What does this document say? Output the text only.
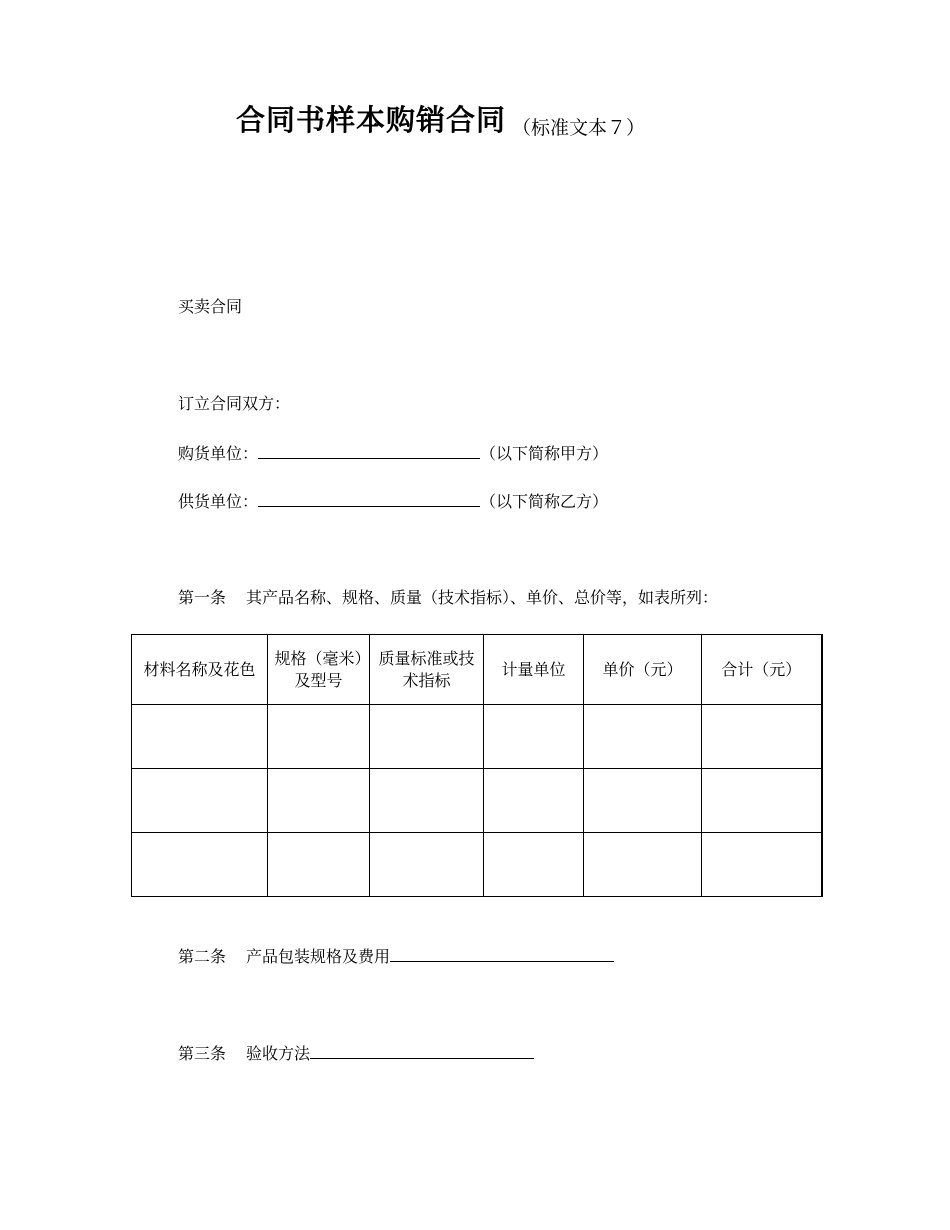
合同书样本购销合同 （标准文本７）
买卖合同
订立合同双方：
购货单位：	（以下简称甲方）
供货单位：	（以下简称乙方）
第一条 其产品名称、规格、质量（技术指标）、单价、总价等，如表所列：
材料名称及花色	规格（毫米）及型号	质量标准或技术指标	计量单位	单价（元）	合计（元）

第二条 产品包装规格及费用
第三条 验收方法
